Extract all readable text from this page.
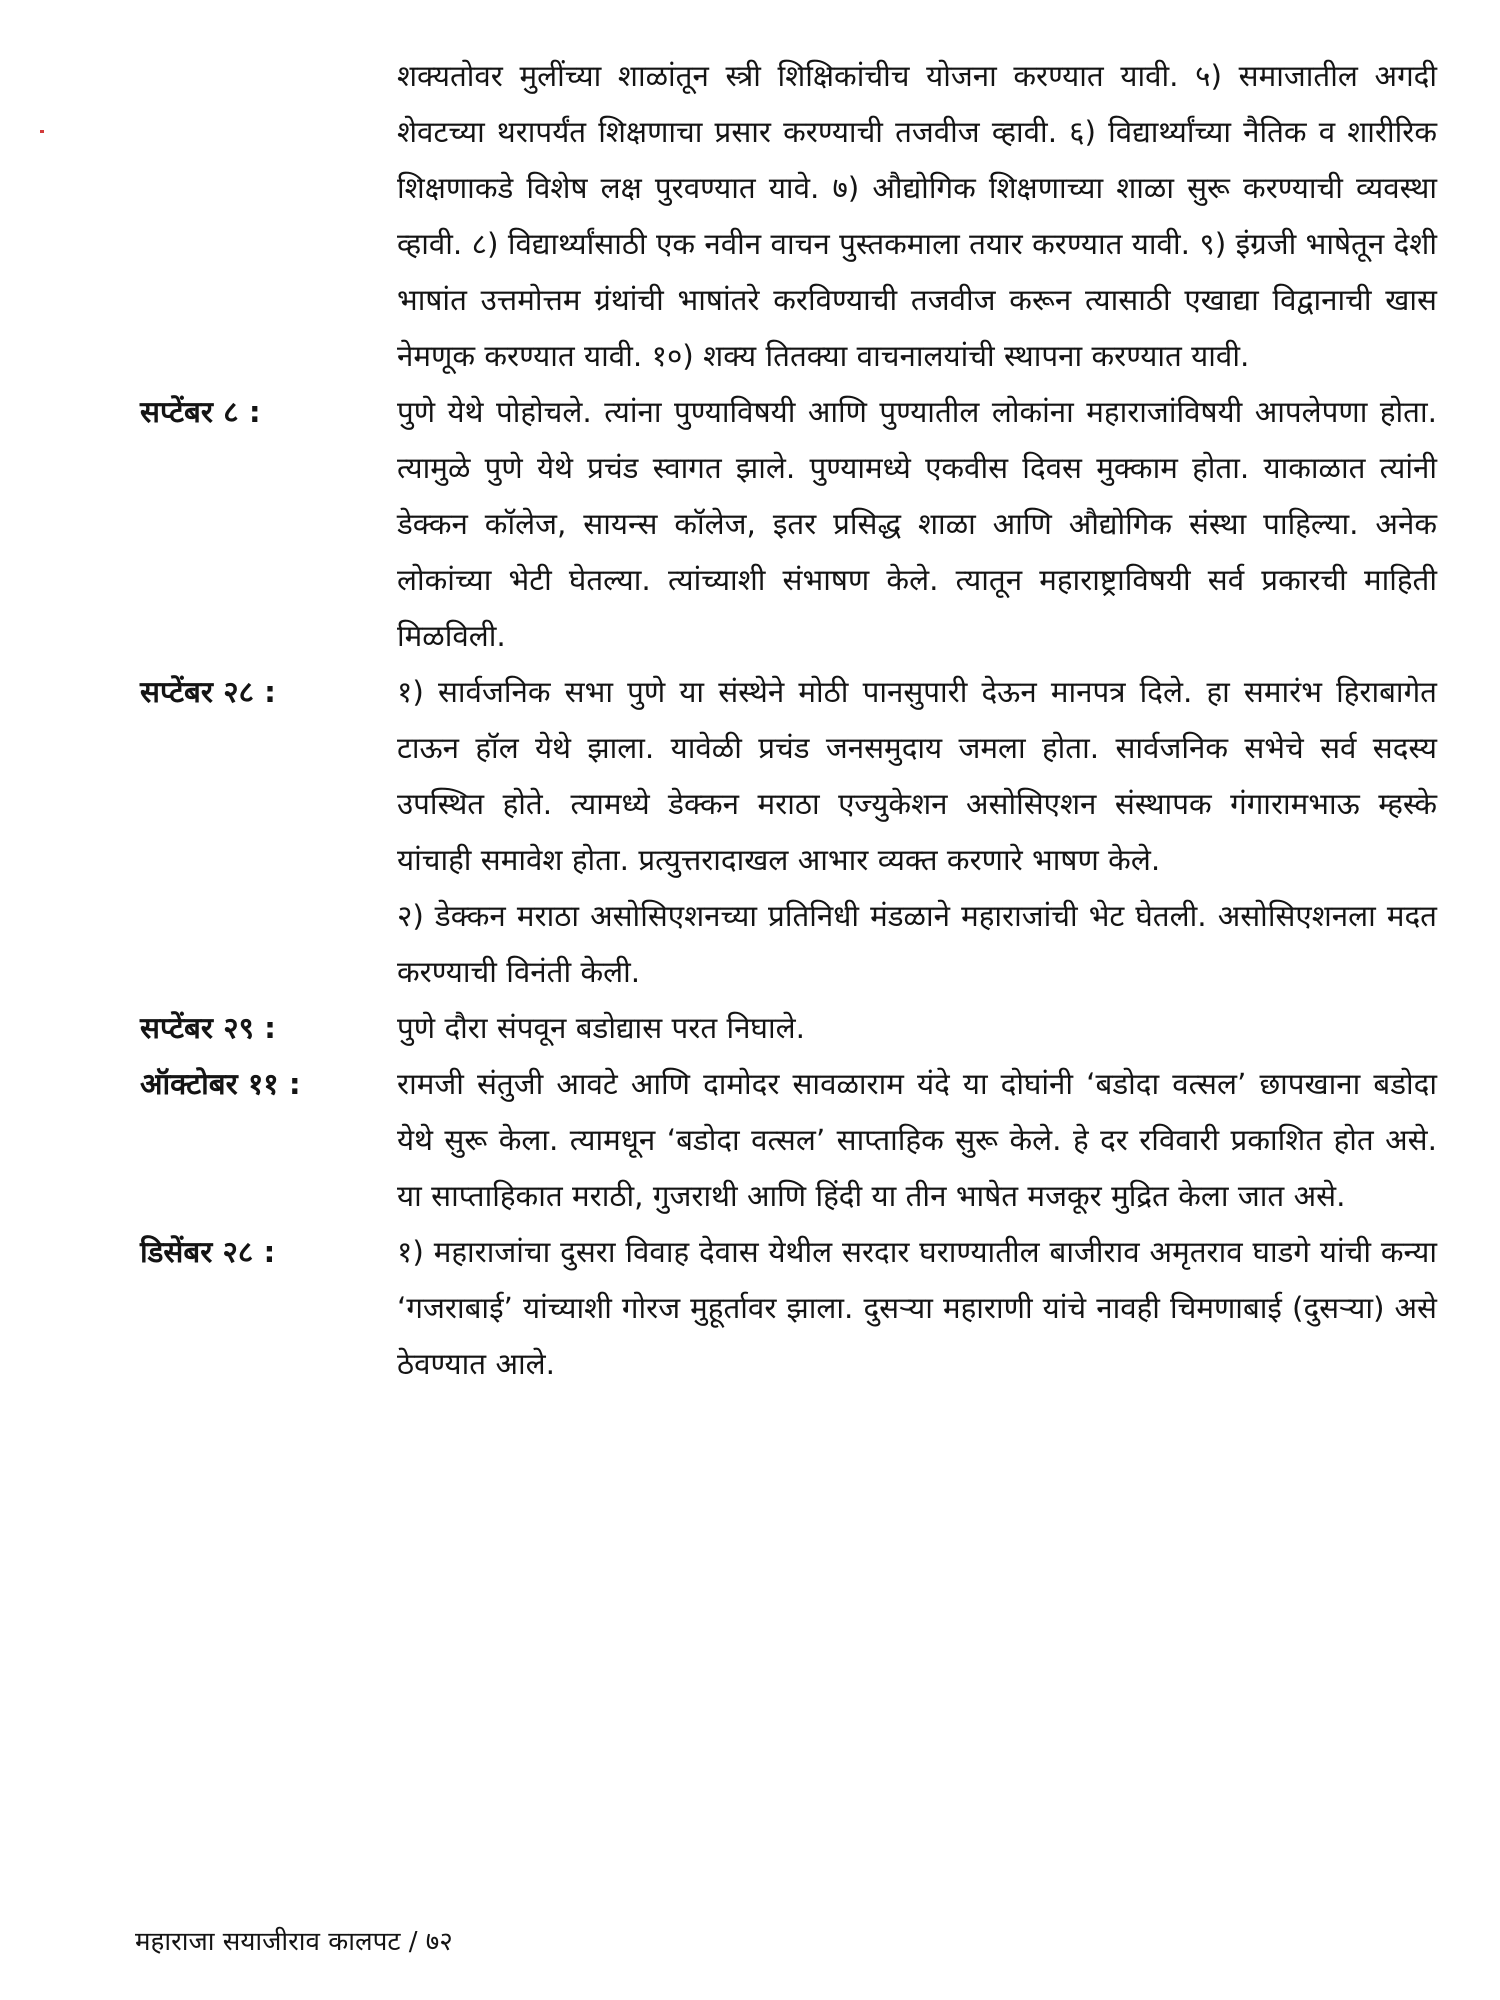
शक्यतोवर मुलींच्या शाळांतून स्त्री शिक्षिकांचीच योजना करण्यात यावी. ५) समाजातील अगदी शेवटच्या थरापर्यंत शिक्षणाचा प्रसार करण्याची तजवीज व्हावी. ६) विद्यार्थ्यांच्या नैतिक व शारीरिक शिक्षणाकडे विशेष लक्ष पुरवण्यात यावे. ७) औद्योगिक शिक्षणाच्या शाळा सुरू करण्याची व्यवस्था व्हावी. ८) विद्यार्थ्यांसाठी एक नवीन वाचन पुस्तकमाला तयार करण्यात यावी. ९) इंग्रजी भाषेतून देशी भाषांत उत्तमोत्तम ग्रंथांची भाषांतरे करविण्याची तजवीज करून त्यासाठी एखाद्या विद्वानाची खास नेमणूक करण्यात यावी. १०) शक्य तितक्या वाचनालयांची स्थापना करण्यात यावी.

सप्टेंबर ८ :	पुणे येथे पोहोचले. त्यांना पुण्याविषयी आणि पुण्यातील लोकांना महाराजांविषयी आपलेपणा होता. त्यामुळे पुणे येथे प्रचंड स्वागत झाले. पुण्यामध्ये एकवीस दिवस मुक्काम होता. याकाळात त्यांनी डेक्कन कॉलेज, सायन्स कॉलेज, इतर प्रसिद्ध शाळा आणि औद्योगिक संस्था पाहिल्या. अनेक लोकांच्या भेटी घेतल्या. त्यांच्याशी संभाषण केले. त्यातून महाराष्ट्राविषयी सर्व प्रकारची माहिती मिळविली.

सप्टेंबर २८ :	१) सार्वजनिक सभा पुणे या संस्थेने मोठी पानसुपारी देऊन मानपत्र दिले. हा समारंभ हिराबागेत टाऊन हॉल येथे झाला. यावेळी प्रचंड जनसमुदाय जमला होता. सार्वजनिक सभेचे सर्व सदस्य उपस्थित होते. त्यामध्ये डेक्कन मराठा एज्युकेशन असोसिएशन संस्थापक गंगारामभाऊ म्हस्के यांचाही समावेश होता. प्रत्युत्तरादाखल आभार व्यक्त करणारे भाषण केले.

२) डेक्कन मराठा असोसिएशनच्या प्रतिनिधी मंडळाने महाराजांची भेट घेतली. असोसिएशनला मदत करण्याची विनंती केली.

सप्टेंबर २९ :	पुणे दौरा संपवून बडोद्यास परत निघाले.

ऑक्टोबर ११ :	रामजी संतुजी आवटे आणि दामोदर सावळाराम यंदे या दोघांनी ‘बडोदा वत्सल’ छापखाना बडोदा येथे सुरू केला. त्यामधून ‘बडोदा वत्सल’ साप्ताहिक सुरू केले. हे दर रविवारी प्रकाशित होत असे. या साप्ताहिकात मराठी, गुजराथी आणि हिंदी या तीन भाषेत मजकूर मुद्रित केला जात असे.

डिसेंबर २८ :	१) महाराजांचा दुसरा विवाह देवास येथील सरदार घराण्यातील बाजीराव अमृतराव घाडगे यांची कन्या ‘गजराबाई’ यांच्याशी गोरज मुहूर्तावर झाला. दुसऱ्या महाराणी यांचे नावही चिमणाबाई (दुसऱ्या) असे ठेवण्यात आले.

महाराजा सयाजीराव कालपट / ७२
